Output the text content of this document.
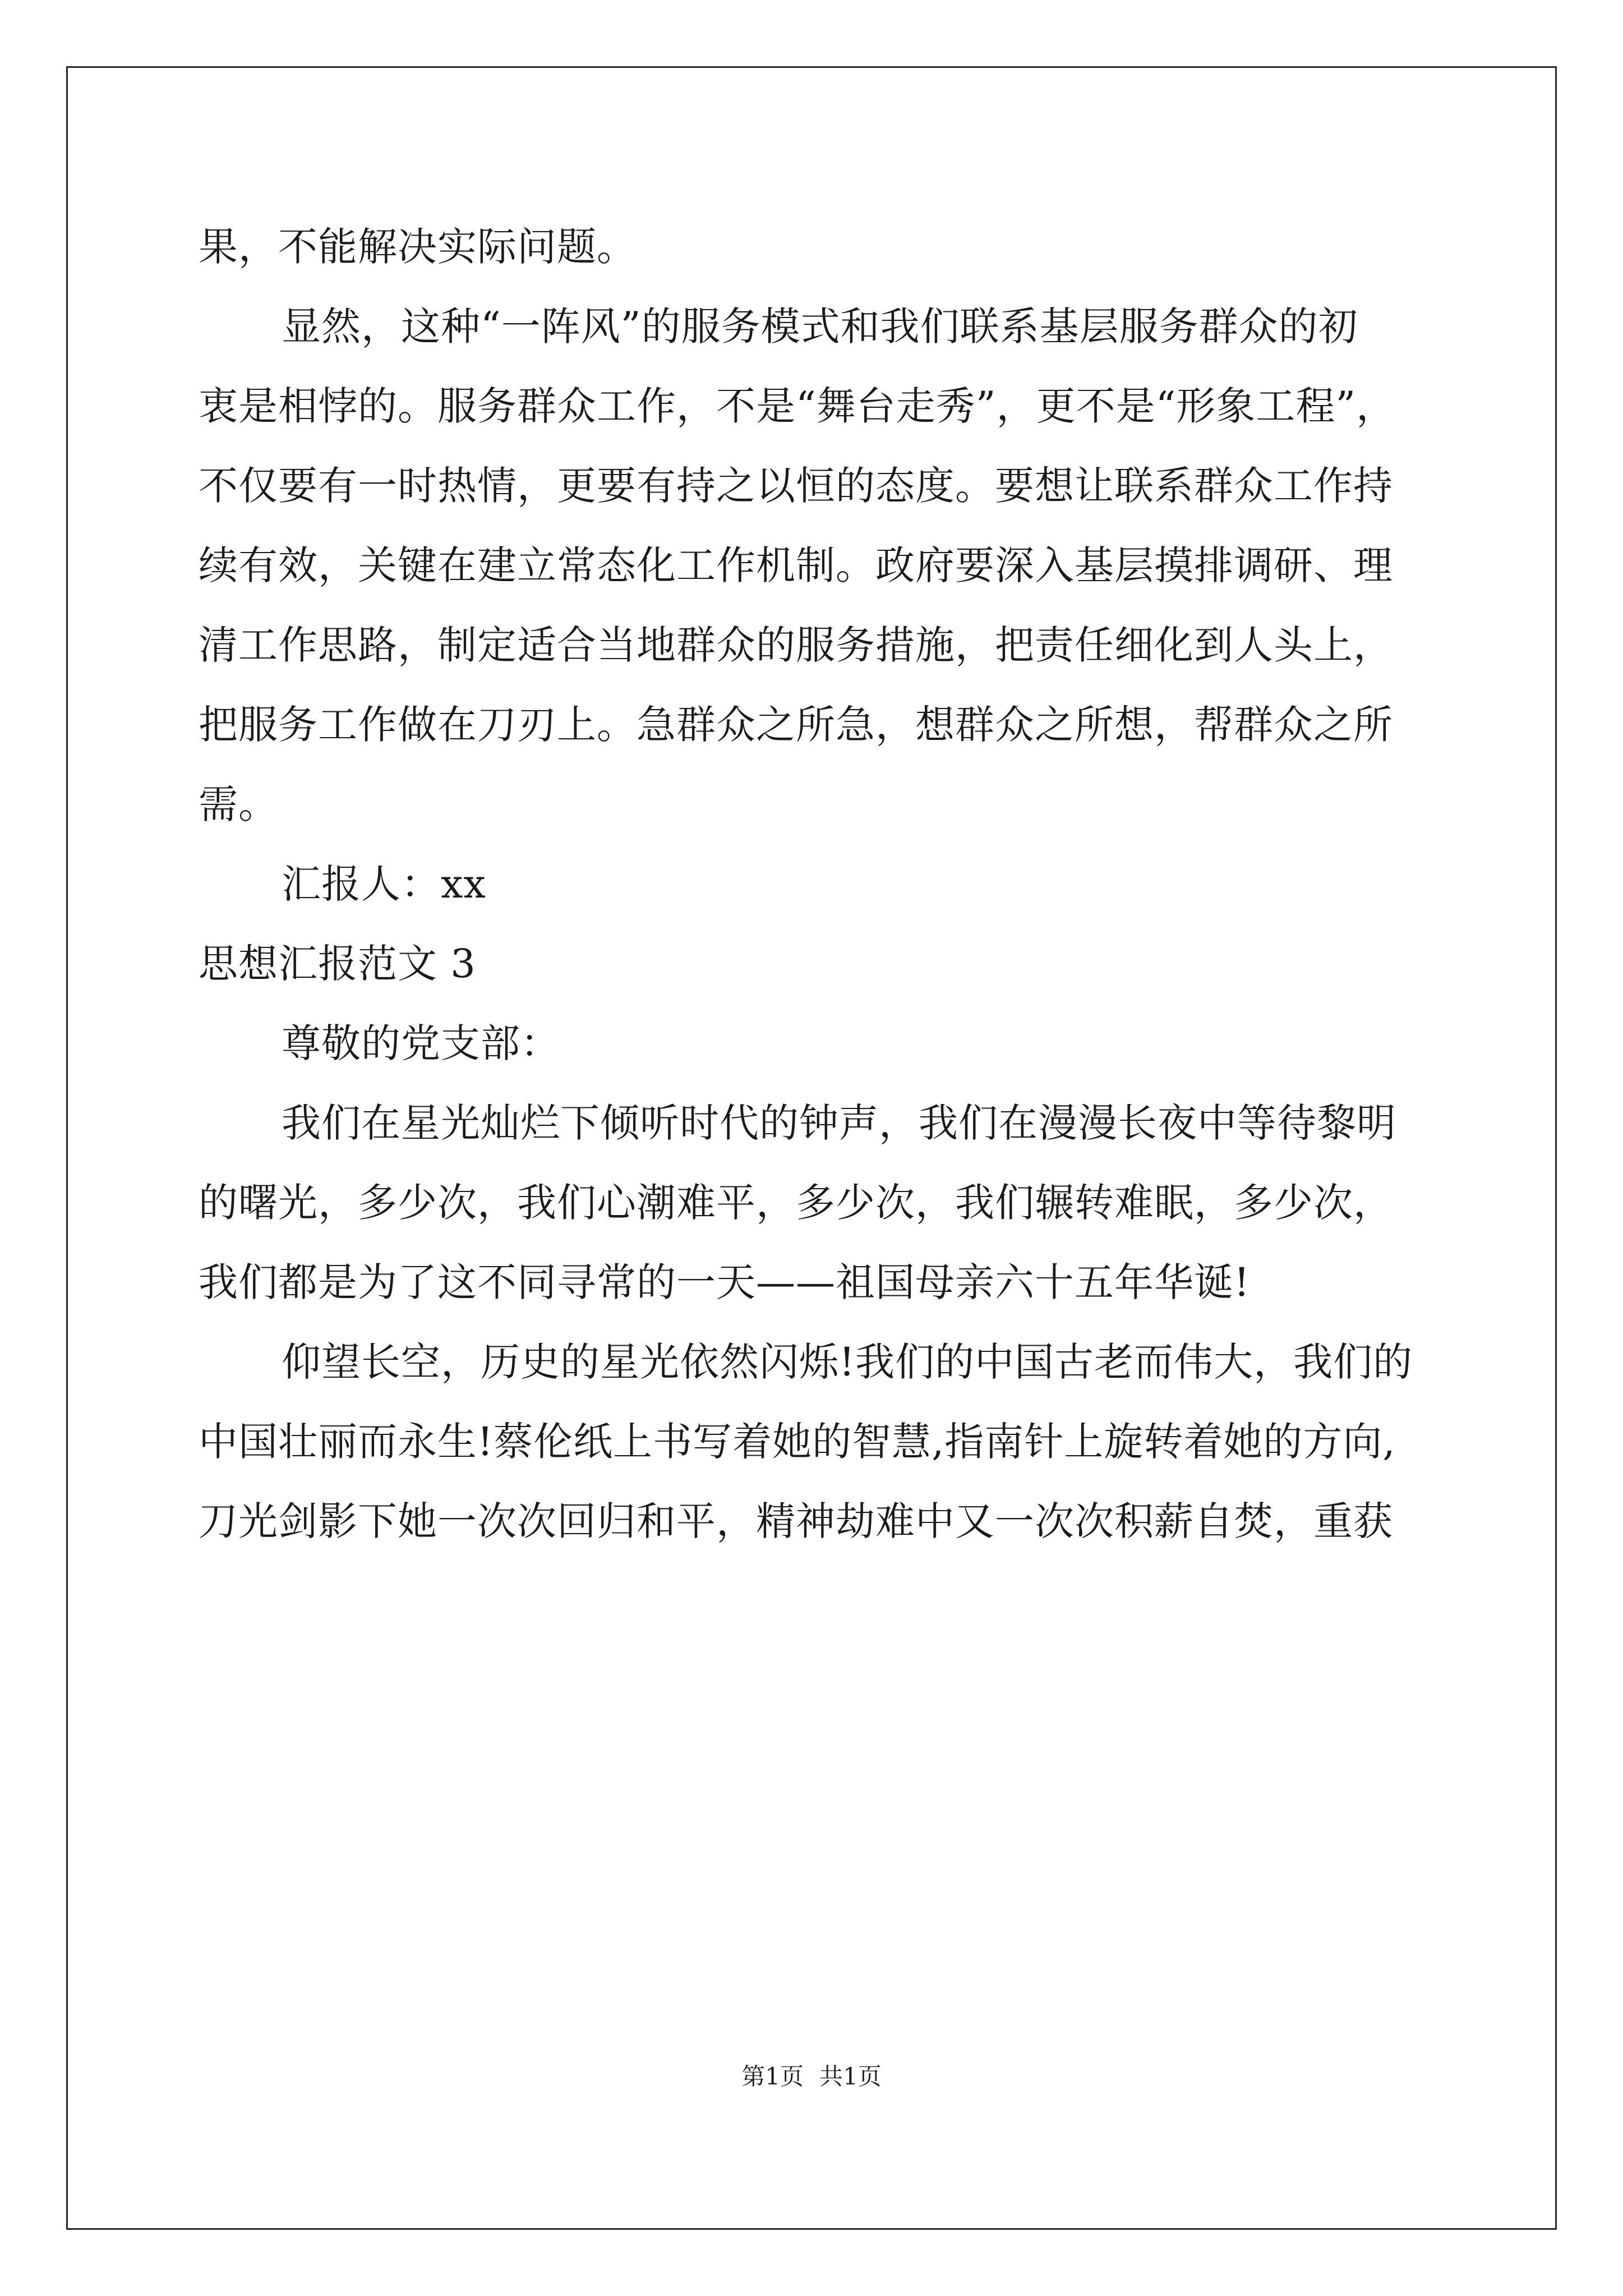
果，不能解决实际问题。
显然，这种“一阵风”的服务模式和我们联系基层服务群众的初
衷是相悖的。服务群众工作，不是“舞台走秀”，更不是“形象工程”，
不仅要有一时热情，更要有持之以恒的态度。要想让联系群众工作持
续有效，关键在建立常态化工作机制。政府要深入基层摸排调研、理
清工作思路，制定适合当地群众的服务措施，把责任细化到人头上，
把服务工作做在刀刃上。急群众之所急，想群众之所想，帮群众之所
需。
汇报人：xx
思想汇报范文 3
尊敬的党支部：
我们在星光灿烂下倾听时代的钟声，我们在漫漫长夜中等待黎明
的曙光，多少次，我们心潮难平，多少次，我们辗转难眠，多少次，
我们都是为了这不同寻常的一天——祖国母亲六十五年华诞!
仰望长空，历史的星光依然闪烁!我们的中国古老而伟大，我们的
中国壮丽而永生!蔡伦纸上书写着她的智慧,指南针上旋转着她的方向,
刀光剑影下她一次次回归和平，精神劫难中又一次次积薪自焚，重获
第1页 共1页
